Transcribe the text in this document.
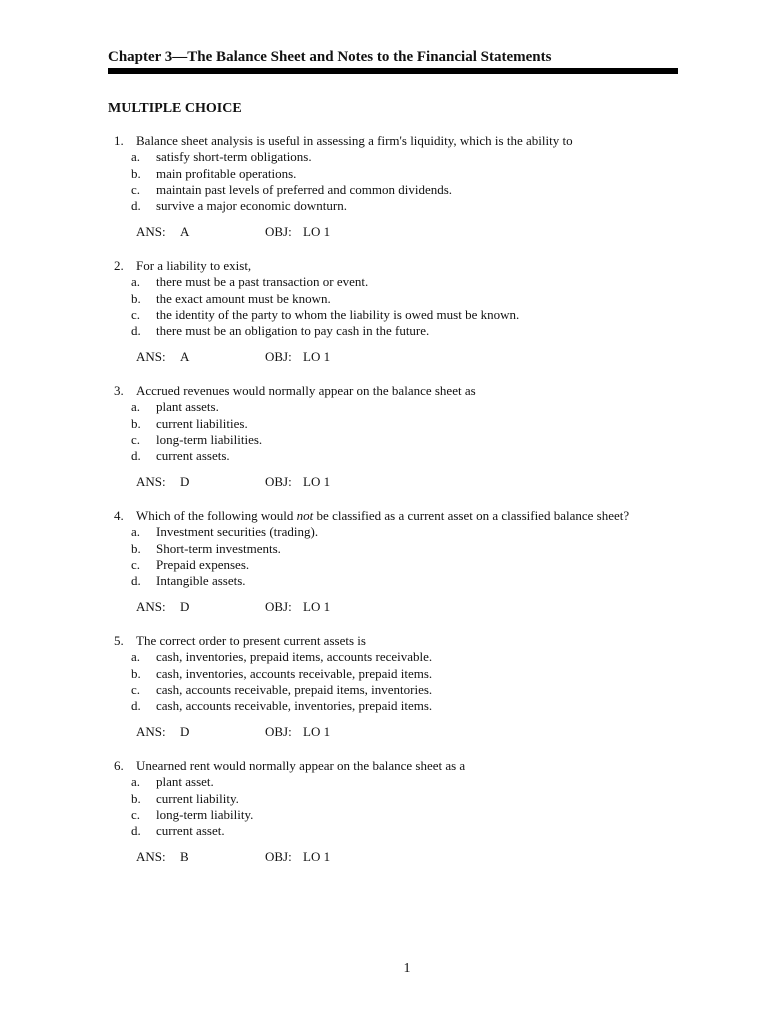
Chapter 3—The Balance Sheet and Notes to the Financial Statements
MULTIPLE CHOICE
1. Balance sheet analysis is useful in assessing a firm's liquidity, which is the ability to
a.	satisfy short-term obligations.
b.	main profitable operations.
c.	maintain past levels of preferred and common dividends.
d.	survive a major economic downturn.
ANS: A	OBJ: LO 1
2. For a liability to exist,
a.	there must be a past transaction or event.
b.	the exact amount must be known.
c.	the identity of the party to whom the liability is owed must be known.
d.	there must be an obligation to pay cash in the future.
ANS: A	OBJ: LO 1
3. Accrued revenues would normally appear on the balance sheet as
a.	plant assets.
b.	current liabilities.
c.	long-term liabilities.
d.	current assets.
ANS: D	OBJ: LO 1
4. Which of the following would not be classified as a current asset on a classified balance sheet?
a.	Investment securities (trading).
b.	Short-term investments.
c.	Prepaid expenses.
d.	Intangible assets.
ANS: D	OBJ: LO 1
5. The correct order to present current assets is
a.	cash, inventories, prepaid items, accounts receivable.
b.	cash, inventories, accounts receivable, prepaid items.
c.	cash, accounts receivable, prepaid items, inventories.
d.	cash, accounts receivable, inventories, prepaid items.
ANS: D	OBJ: LO 1
6. Unearned rent would normally appear on the balance sheet as a
a.	plant asset.
b.	current liability.
c.	long-term liability.
d.	current asset.
ANS: B	OBJ: LO 1
1
